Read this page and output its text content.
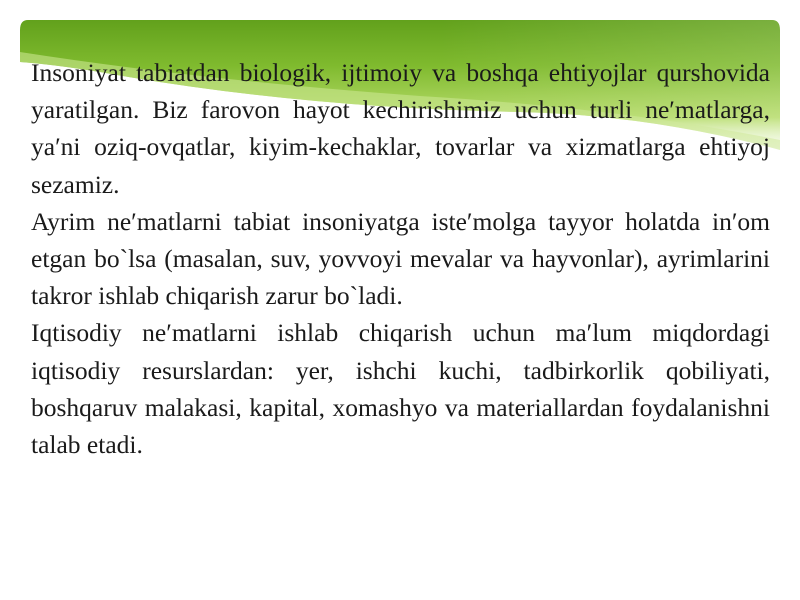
Insoniyat tabiatdan biologik, ijtimoiy va boshqa ehtiyojlar qurshovida yaratilgan. Biz farovon hayot kechirishimiz uchun turli ne′matlarga, ya′ni oziq-ovqatlar, kiyim-kechaklar, tovarlar va xizmatlarga ehtiyoj sezamiz.

Ayrim ne′matlarni tabiat insoniyatga iste′molga tayyor holatda in′om etgan bo`lsa (masalan, suv, yovvoyi mevalar va hayvonlar), ayrimlarini takror ishlab chiqarish zarur bo`ladi.

Iqtisodiy ne′matlarni ishlab chiqarish uchun ma′lum miqdordagi iqtisodiy resurslardan: yer, ishchi kuchi, tadbirkorlik qobiliyati, boshqaruv malakasi, kapital, xomashyo va materiallardan foydalanishni talab etadi.
